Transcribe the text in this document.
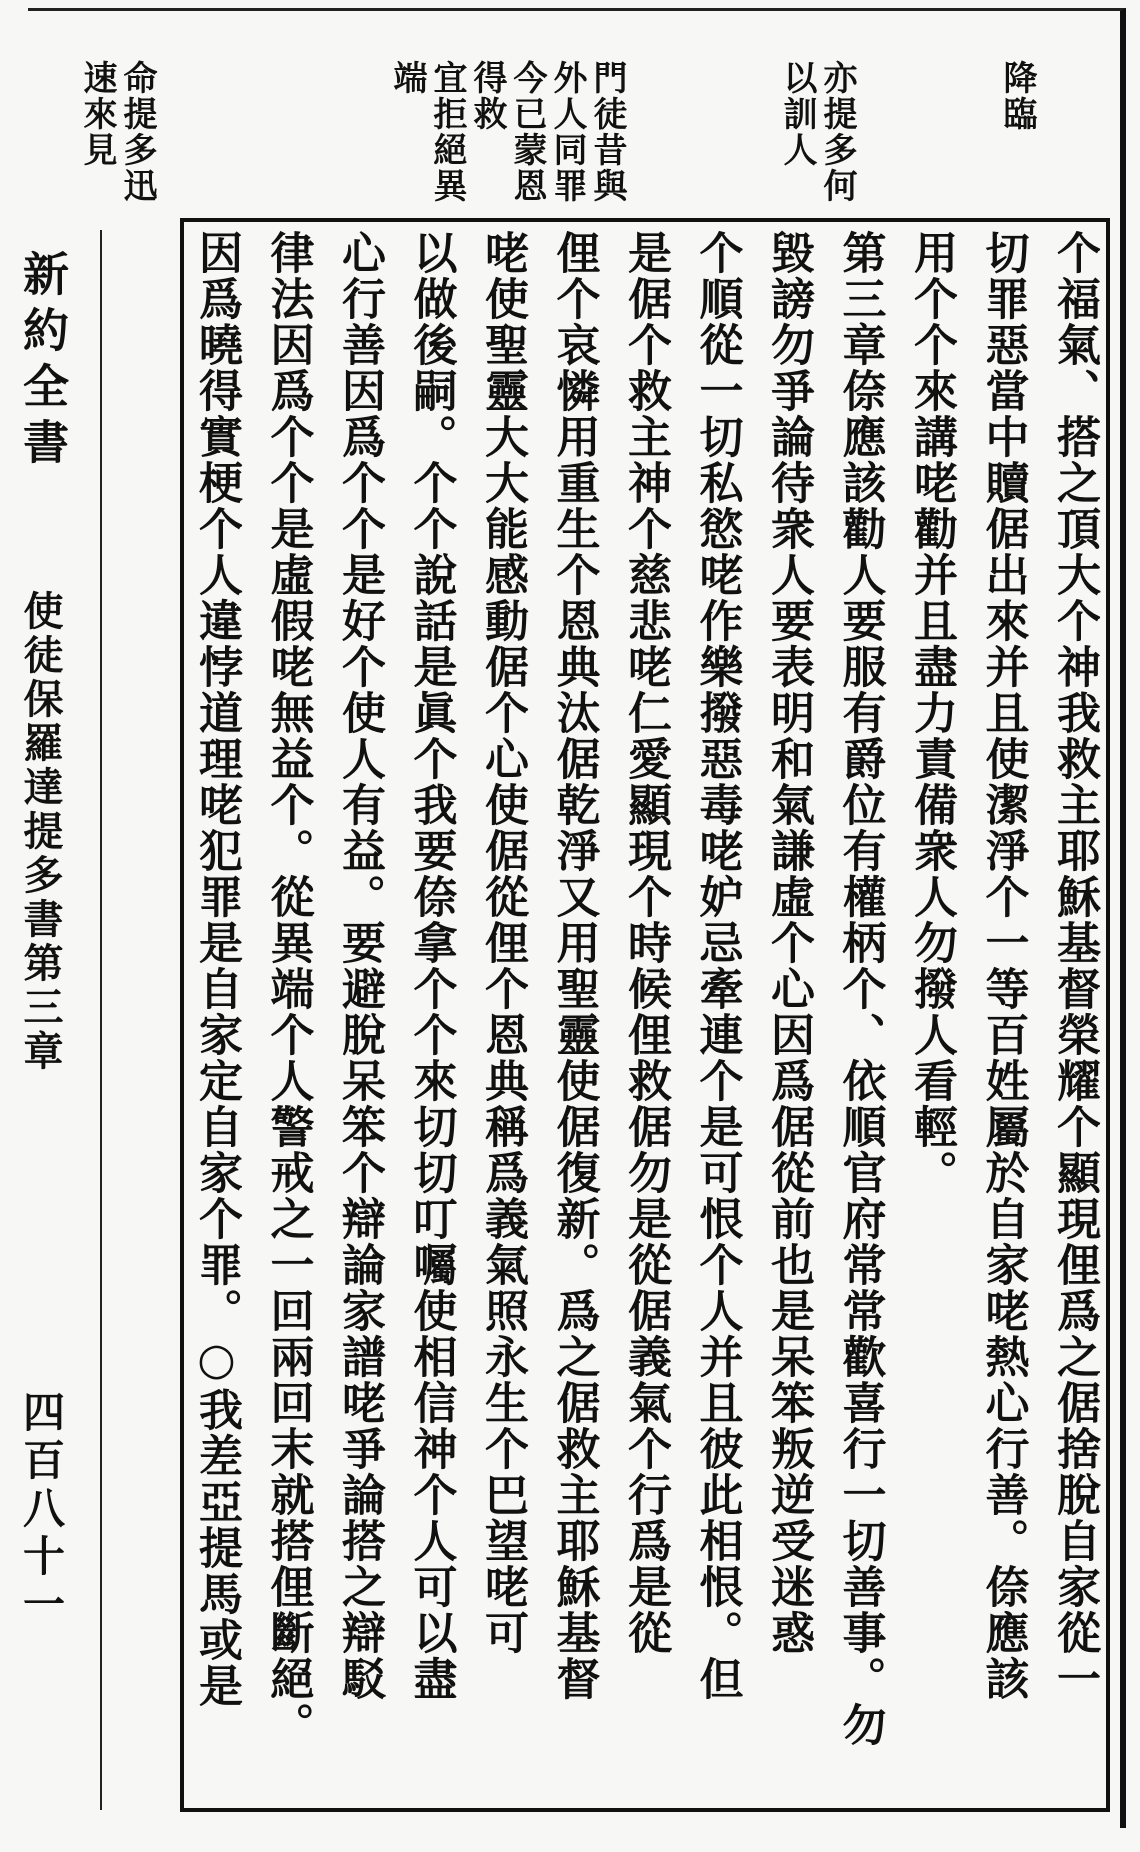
降臨
亦提多何
以訓人
門徒昔與
外人同罪
今已蒙恩
得救
宜拒絕異
端
命提多迅
速來見
个福氣、搭之頂大个神我救主耶穌基督榮耀个顯現俚爲之倨捨脫自家從一
切罪惡當中贖倨出來并且使潔淨个一等百姓屬於自家咾熱心行善。倷應該
用个个來講咾勸并且盡力責備衆人勿撥人看輕。
第三章倷應該勸人要服有爵位有權柄个、依順官府常常歡喜行一切善事。勿
毀謗勿爭論待衆人要表明和氣謙虛个心因爲倨從前也是呆笨叛逆受迷惑
个順從一切私慾咾作樂撥惡毒咾妒忌牽連个是可恨个人并且彼此相恨。但
是倨个救主神个慈悲咾仁愛顯現个時候俚救倨勿是從倨義氣个行爲是從
俚个哀憐用重生个恩典汰倨乾淨又用聖靈使倨復新。爲之倨救主耶穌基督
咾使聖靈大大能感動倨个心使倨從俚个恩典稱爲義氣照永生个巴望咾可
以做後嗣。个个說話是眞个我要倷拿个个來切切叮囑使相信神个人可以盡
心行善因爲个个是好个使人有益。要避脫呆笨个辯論家譜咾爭論搭之辯駁
律法因爲个个是虛假咾無益个。從異端个人警戒之一回兩回末就搭俚斷絕。
因爲曉得實梗个人違悖道理咾犯罪是自家定自家个罪。○我差亞提馬或是
新約全書
使徒保羅達提多書第三章
四百八十一
